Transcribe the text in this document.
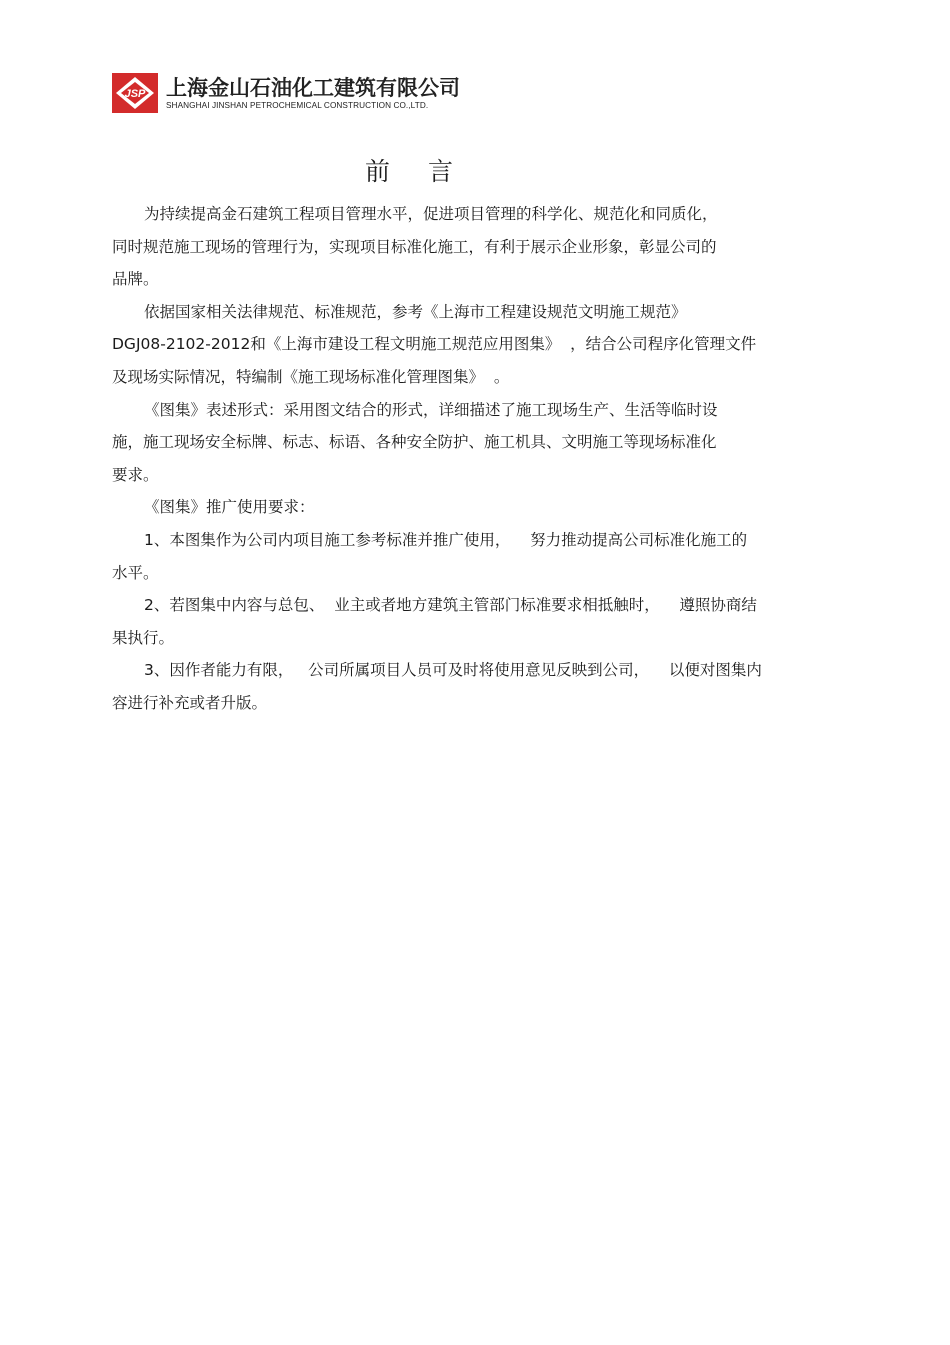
JSP 上海金山石油化工建筑有限公司
SHANGHAI JINSHAN PETROCHEMICAL CONSTRUCTION CO.,LTD.
前言
为持续提高金石建筑工程项目管理水平，促进项目管理的科学化、规范化和同质化，
同时规范施工现场的管理行为，实现项目标准化施工，有利于展示企业形象，彰显公司的
品牌。
依据国家相关法律规范、标准规范，参考《上海市工程建设规范文明施工规范》
DGJ08-2102-2012和《上海市建设工程文明施工规范应用图集》  ，结合公司程序化管理文件
及现场实际情况，特编制《施工现场标准化管理图集》  。
《图集》表述形式：采用图文结合的形式，详细描述了施工现场生产、生活等临时设
施，施工现场安全标牌、标志、标语、各种安全防护、施工机具、文明施工等现场标准化
要求。
《图集》推广使用要求：
1、本图集作为公司内项目施工参考标准并推广使用，    努力推动提高公司标准化施工的
水平。
2、若图集中内容与总包、  业主或者地方建筑主管部门标准要求相抵触时，    遵照协商结
果执行。
3、因作者能力有限，   公司所属项目人员可及时将使用意见反映到公司，    以便对图集内
容进行补充或者升版。
